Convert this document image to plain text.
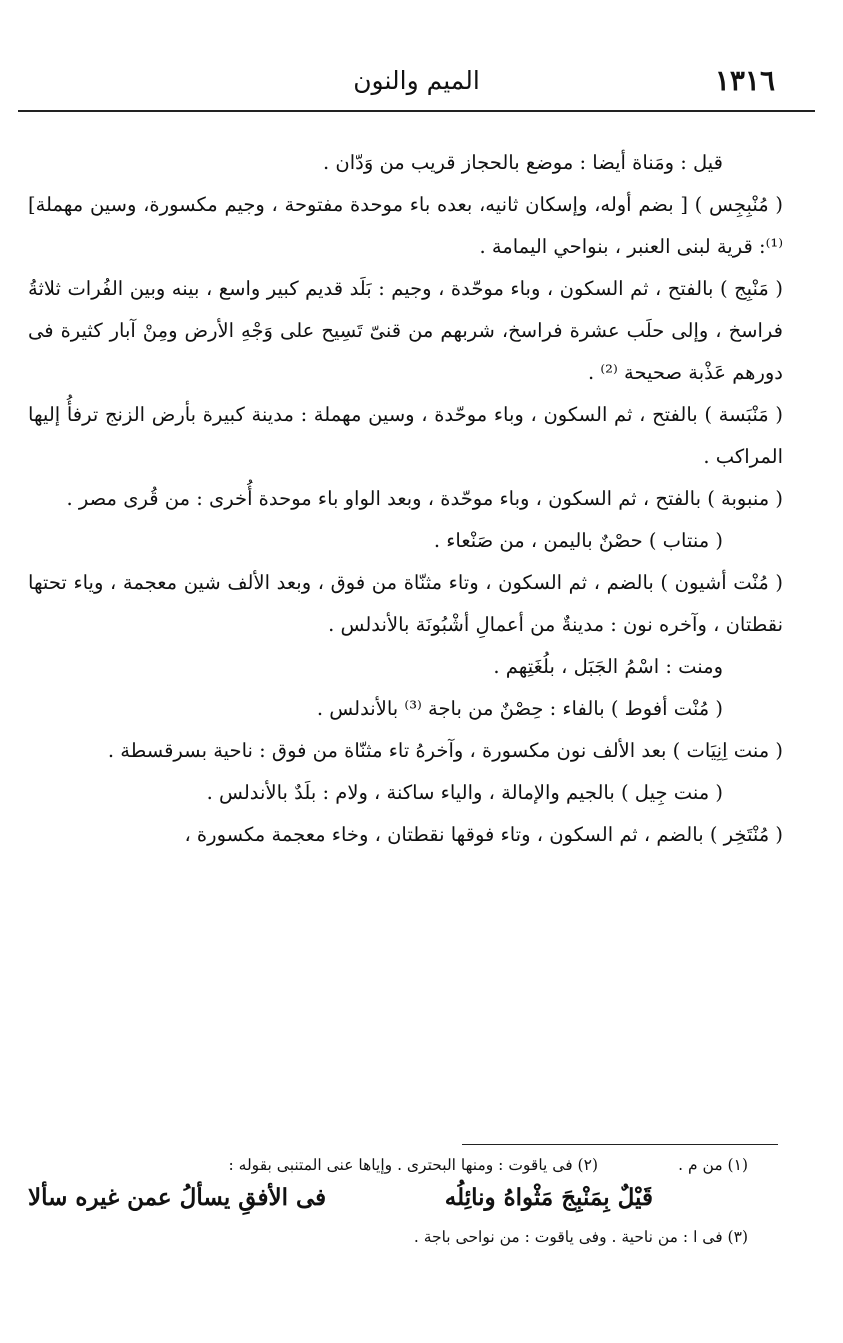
١٣١٦
الميم والنون

قيل : ومَناة أيضا : موضع بالحجاز قريب من وَدّان .

( مُنْبِجِس ) [ بضم أوله، وإسكان ثانيه، بعده باء موحدة مفتوحة ، وجيم مكسورة، وسين مهملة] ⁽¹⁾: قرية لبنى العنبر ، بنواحي اليمامة .

( مَنْبِج ) بالفتح ، ثم السكون ، وباء موحّدة ، وجيم : بَلَد قديم كبير واسع ، بينه وبين الفُرات ثلاثةُ فراسخ ، وإلى حلَب عشرة فراسخ، شربهم من قنىّ تَسِيح على وَجْهِ الأرض ومِنْ آبار كثيرة فى دورهم عَذْبة صحيحة ⁽²⁾ .

( مَنْبَسة ) بالفتح ، ثم السكون ، وباء موحّدة ، وسين مهملة : مدينة كبيرة بأرض الزنج ترفأُ إليها المراكب .

( منبوبة ) بالفتح ، ثم السكون ، وباء موحّدة ، وبعد الواو باء موحدة أُخرى : من قُرى مصر .

( منتاب ) حصْنٌ باليمن ، من صَنْعاء .

( مُنْت أشيون ) بالضم ، ثم السكون ، وتاء مثنّاة من فوق ، وبعد الألف شين معجمة ، وياء تحتها نقطتان ، وآخره نون : مدينةٌ من أعمالِ أشْبُونَة بالأندلس .

ومنت : اسْمُ الجَبَل ، بلُغَتِهم .

( مُنْت أفوط ) بالفاء : حِصْنٌ من باجة ⁽³⁾ بالأندلس .

( منت اِنِيَات ) بعد الألف نون مكسورة ، وآخرهُ تاء مثنّاة من فوق : ناحية بسرقسطة .

( منت جِيل ) بالجيم والإمالة ، والياء ساكنة ، ولام : بلَدٌ بالأندلس .

( مُنْتَخِر ) بالضم ، ثم السكون ، وتاء فوقها نقطتان ، وخاء معجمة مكسورة ،

(١) من م .
(٢) فى ياقوت : ومنها البحترى . وإياها عنى المتنبى بقوله :
قَيْلٌ بِمَنْبِجَ مَثْواهُ ونائِلُه
فى الأفقِ يسألُ عمن غيره سألا

(٣) فى ا : من ناحية . وفى ياقوت : من نواحى باجة .
